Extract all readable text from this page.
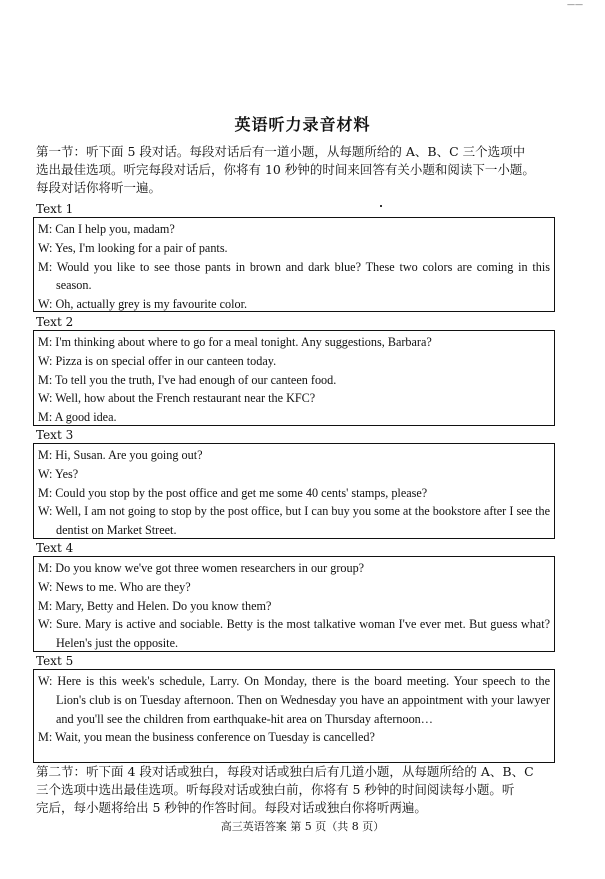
——
英语听力录音材料
第一节：听下面 5 段对话。每段对话后有一道小题，从每题所给的 A、B、C 三个选项中
选出最佳选项。听完每段对话后，你将有 10 秒钟的时间来回答有关小题和阅读下一小题。
每段对话你将听一遍。
Text 1

M: Can I help you, madam?

W: Yes, I'm looking for a pair of pants.

M: Would you like to see those pants in brown and dark blue? These two colors are coming in this season.

W: Oh, actually grey is my favourite color.

Text 2

M: I'm thinking about where to go for a meal tonight. Any suggestions, Barbara?

W: Pizza is on special offer in our canteen today.

M: To tell you the truth, I've had enough of our canteen food.

W: Well, how about the French restaurant near the KFC?

M: A good idea.

Text 3

M: Hi, Susan. Are you going out?

W: Yes?

M: Could you stop by the post office and get me some 40 cents' stamps, please?

W: Well, I am not going to stop by the post office, but I can buy you some at the bookstore after I see the dentist on Market Street.

Text 4

M: Do you know we've got three women researchers in our group?

W: News to me. Who are they?

M: Mary, Betty and Helen. Do you know them?

W: Sure. Mary is active and sociable. Betty is the most talkative woman I've ever met. But guess what? Helen's just the opposite.

Text 5

W: Here is this week's schedule, Larry. On Monday, there is the board meeting. Your speech to the Lion's club is on Tuesday afternoon. Then on Wednesday you have an appointment with your lawyer and you'll see the children from earthquake-hit area on Thursday afternoon…

M: Wait, you mean the business conference on Tuesday is cancelled?

第二节：听下面 4 段对话或独白，每段对话或独白后有几道小题，从每题所给的 A、B、C
三个选项中选出最佳选项。听每段对话或独白前，你将有 5 秒钟的时间阅读每小题。听
完后，每小题将给出 5 秒钟的作答时间。每段对话或独白你将听两遍。
高三英语答案 第 5 页（共 8 页）
